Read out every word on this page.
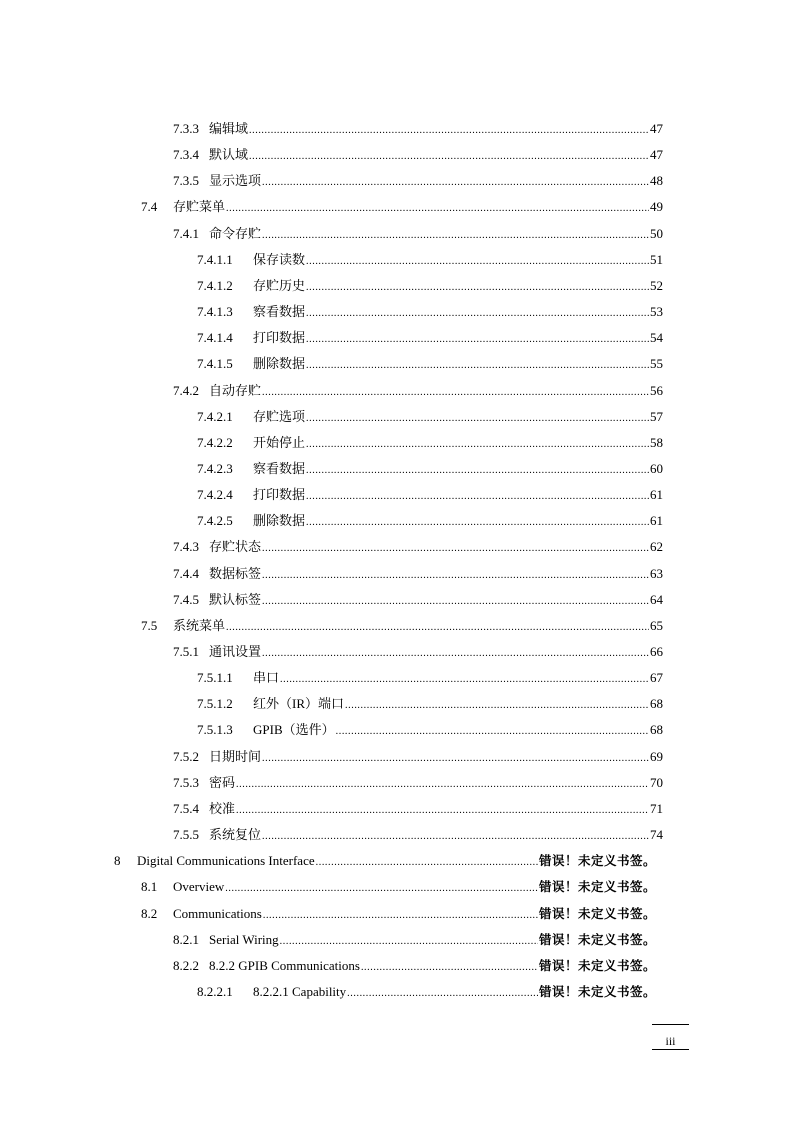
7.3.3 编辑域 .....	47
7.3.4 默认域 .....	47
7.3.5 显示选项 .....	48
7.4	存贮菜单 .....	49
7.4.1 命令存贮 .....	50
7.4.1.1	保存读数 .....	51
7.4.1.2	存贮历史 .....	52
7.4.1.3	察看数据 .....	53
7.4.1.4	打印数据 .....	54
7.4.1.5	删除数据 .....	55
7.4.2 自动存贮 .....	56
7.4.2.1	存贮选项 .....	57
7.4.2.2	开始停止 .....	58
7.4.2.3	察看数据 .....	60
7.4.2.4	打印数据 .....	61
7.4.2.5	删除数据 .....	61
7.4.3 存贮状态 .....	62
7.4.4 数据标签 .....	63
7.4.5 默认标签 .....	64
7.5	系统菜单 .....	65
7.5.1 通讯设置 .....	66
7.5.1.1	串口 .....	67
7.5.1.2	红外（IR）端口 .....	68
7.5.1.3	GPIB（选件） .....	68
7.5.2 日期时间 .....	69
7.5.3 密码 .....	70
7.5.4 校准 .....	71
7.5.5 系统复位 .....	74
8	Digital Communications Interface .....	错误！未定义书签。
8.1	Overview .....	错误！未定义书签。
8.2	Communications .....	错误！未定义书签。
8.2.1 Serial Wiring .....	错误！未定义书签。
8.2.2 8.2.2 GPIB Communications .....	错误！未定义书签。
8.2.2.1	8.2.2.1 Capability .....	错误！未定义书签。
iii
